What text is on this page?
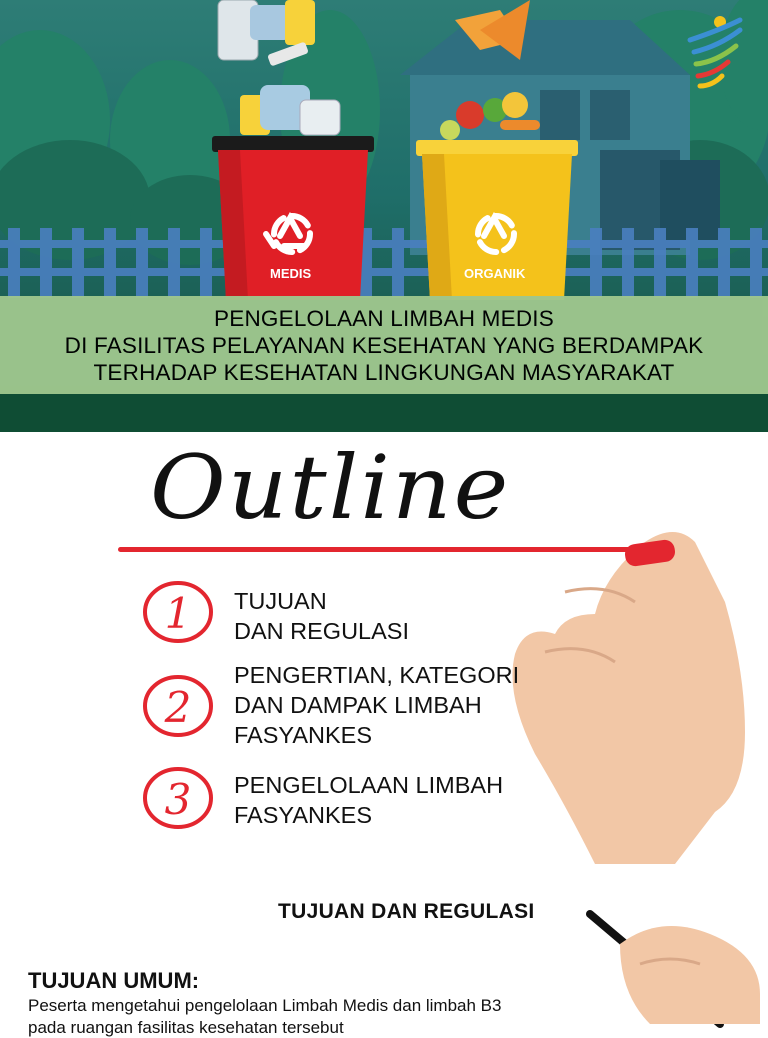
MEDIS	ORGANIK
PENGELOLAAN LIMBAH MEDIS
DI FASILITAS PELAYANAN KESEHATAN YANG BERDAMPAK
TERHADAP KESEHATAN LINGKUNGAN MASYARAKAT
Outline
1 TUJUAN
DAN REGULASI
2
PENGERTIAN, KATEGORI
DAN DAMPAK LIMBAH
FASYANKES
3 PENGELOLAAN LIMBAH
FASYANKES
TUJUAN DAN REGULASI
TUJUAN UMUM:
Peserta mengetahui pengelolaan Limbah Medis dan limbah B3
pada ruangan fasilitas kesehatan tersebut
